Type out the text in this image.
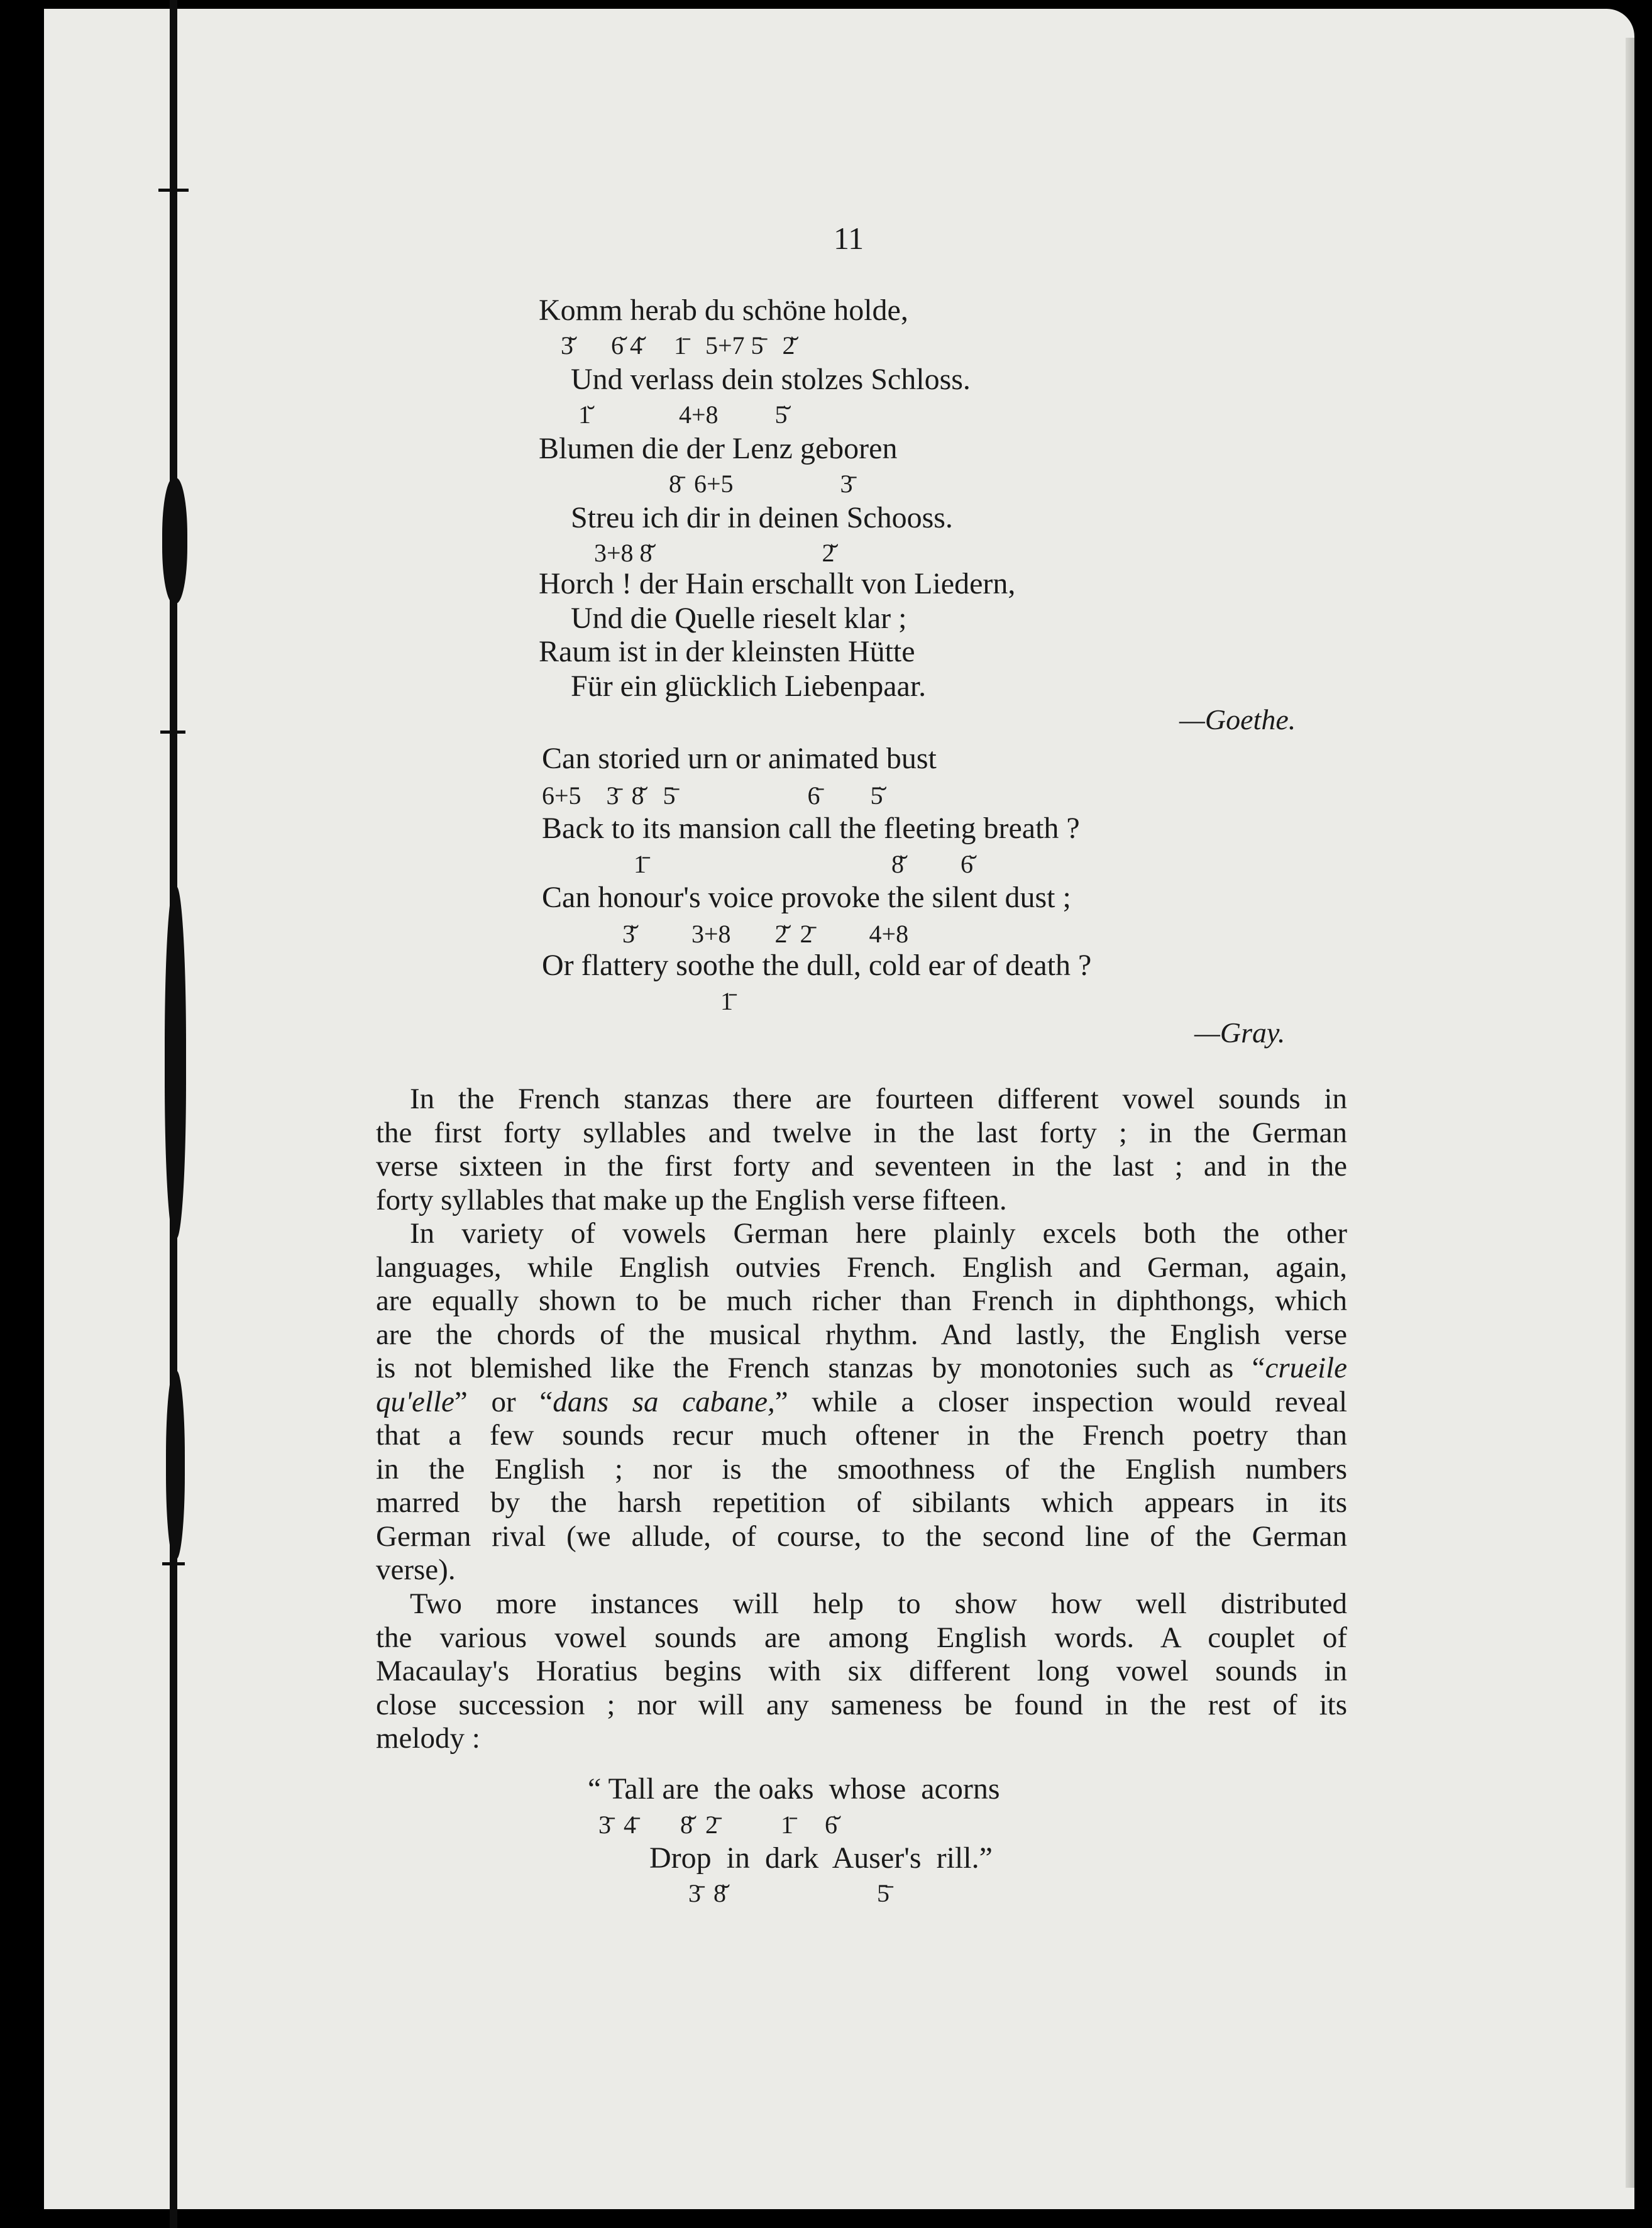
11
Komm herab du schöne holde,
3̆      6̆ 4̆     1̄   5+7 5̄   2̆
Und verlass dein stolzes Schloss.
1̆              4+8         5̆
Blumen die der Lenz geboren
8̄  6+5                 3̄
Streu ich dir in deinen Schooss.
3+8 8̆                           2̆
Horch ! der Hain erschallt von Liedern,
Und die Quelle rieselt klar ;
Raum ist in der kleinsten Hütte
Für ein glücklich Liebenpaar.
—Goethe.
Can storied urn or animated bust
6+5    3̄  8̆   5̄                     6̄        5̆
Back to its mansion call the fleeting breath ?
1̄                                       8̆         6̆
Can honour's voice provoke the silent dust ;
3̆         3+8       2̆  2̄         4+8
Or flattery soothe the dull, cold ear of death ?
1̄
—Gray.
In the French stanzas there are fourteen different vowel sounds in
the first forty syllables and twelve in the last forty ; in the German
verse sixteen in the first forty and seventeen in the last ; and in the
forty syllables that make up the English verse fifteen.
In variety of vowels German here plainly excels both the other
languages, while English outvies French. English and German, again,
are equally shown to be much richer than French in diphthongs, which
are the chords of the musical rhythm. And lastly, the English verse
is not blemished like the French stanzas by monotonies such as “crueile
qu'elle” or “dans sa cabane,” while a closer inspection would reveal
that a few sounds recur much oftener in the French poetry than
in the English ; nor is the smoothness of the English numbers
marred by the harsh repetition of sibilants which appears in its
German rival (we allude, of course, to the second line of the German
verse).
Two more instances will help to show how well distributed
the various vowel sounds are among English words. A couplet of
Macaulay's Horatius begins with six different long vowel sounds in
close succession ; nor will any sameness be found in the rest of its
melody :
“ Tall are  the oaks  whose  acorns
3̄  4̄       8̆  2̄          1̄     6̆
Drop  in  dark  Auser's  rill.”
3̄  8̆                        5̄
